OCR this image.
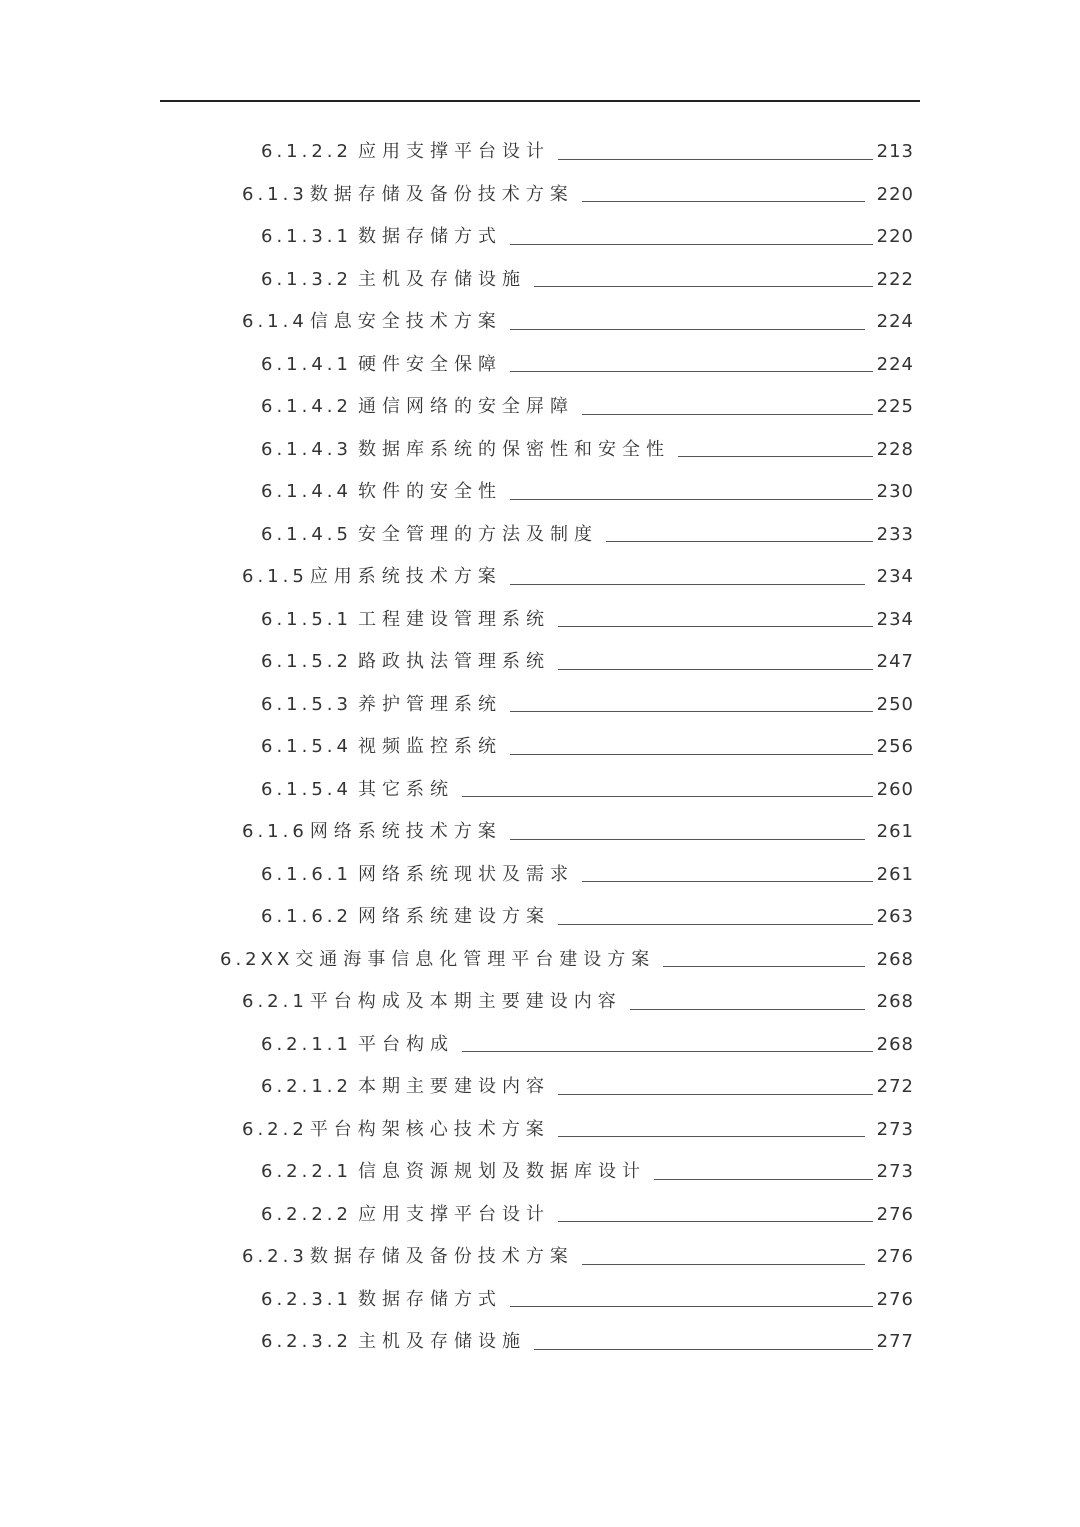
6.1.2.2 应用支撑平台设计	213
6.1.3 数据存储及备份技术方案	220
6.1.3.1 数据存储方式	220
6.1.3.2 主机及存储设施	222
6.1.4 信息安全技术方案	224
6.1.4.1 硬件安全保障	224
6.1.4.2 通信网络的安全屏障	225
6.1.4.3 数据库系统的保密性和安全性	228
6.1.4.4 软件的安全性	230
6.1.4.5 安全管理的方法及制度	233
6.1.5 应用系统技术方案	234
6.1.5.1 工程建设管理系统	234
6.1.5.2 路政执法管理系统	247
6.1.5.3 养护管理系统	250
6.1.5.4 视频监控系统	256
6.1.5.4 其它系统	260
6.1.6 网络系统技术方案	261
6.1.6.1 网络系统现状及需求	261
6.1.6.2 网络系统建设方案	263
6.2XX 交通海事信息化管理平台建设方案	268
6.2.1 平台构成及本期主要建设内容	268
6.2.1.1 平台构成	268
6.2.1.2 本期主要建设内容	272
6.2.2 平台构架核心技术方案	273
6.2.2.1 信息资源规划及数据库设计	273
6.2.2.2 应用支撑平台设计	276
6.2.3 数据存储及备份技术方案	276
6.2.3.1 数据存储方式	276
6.2.3.2 主机及存储设施	277
